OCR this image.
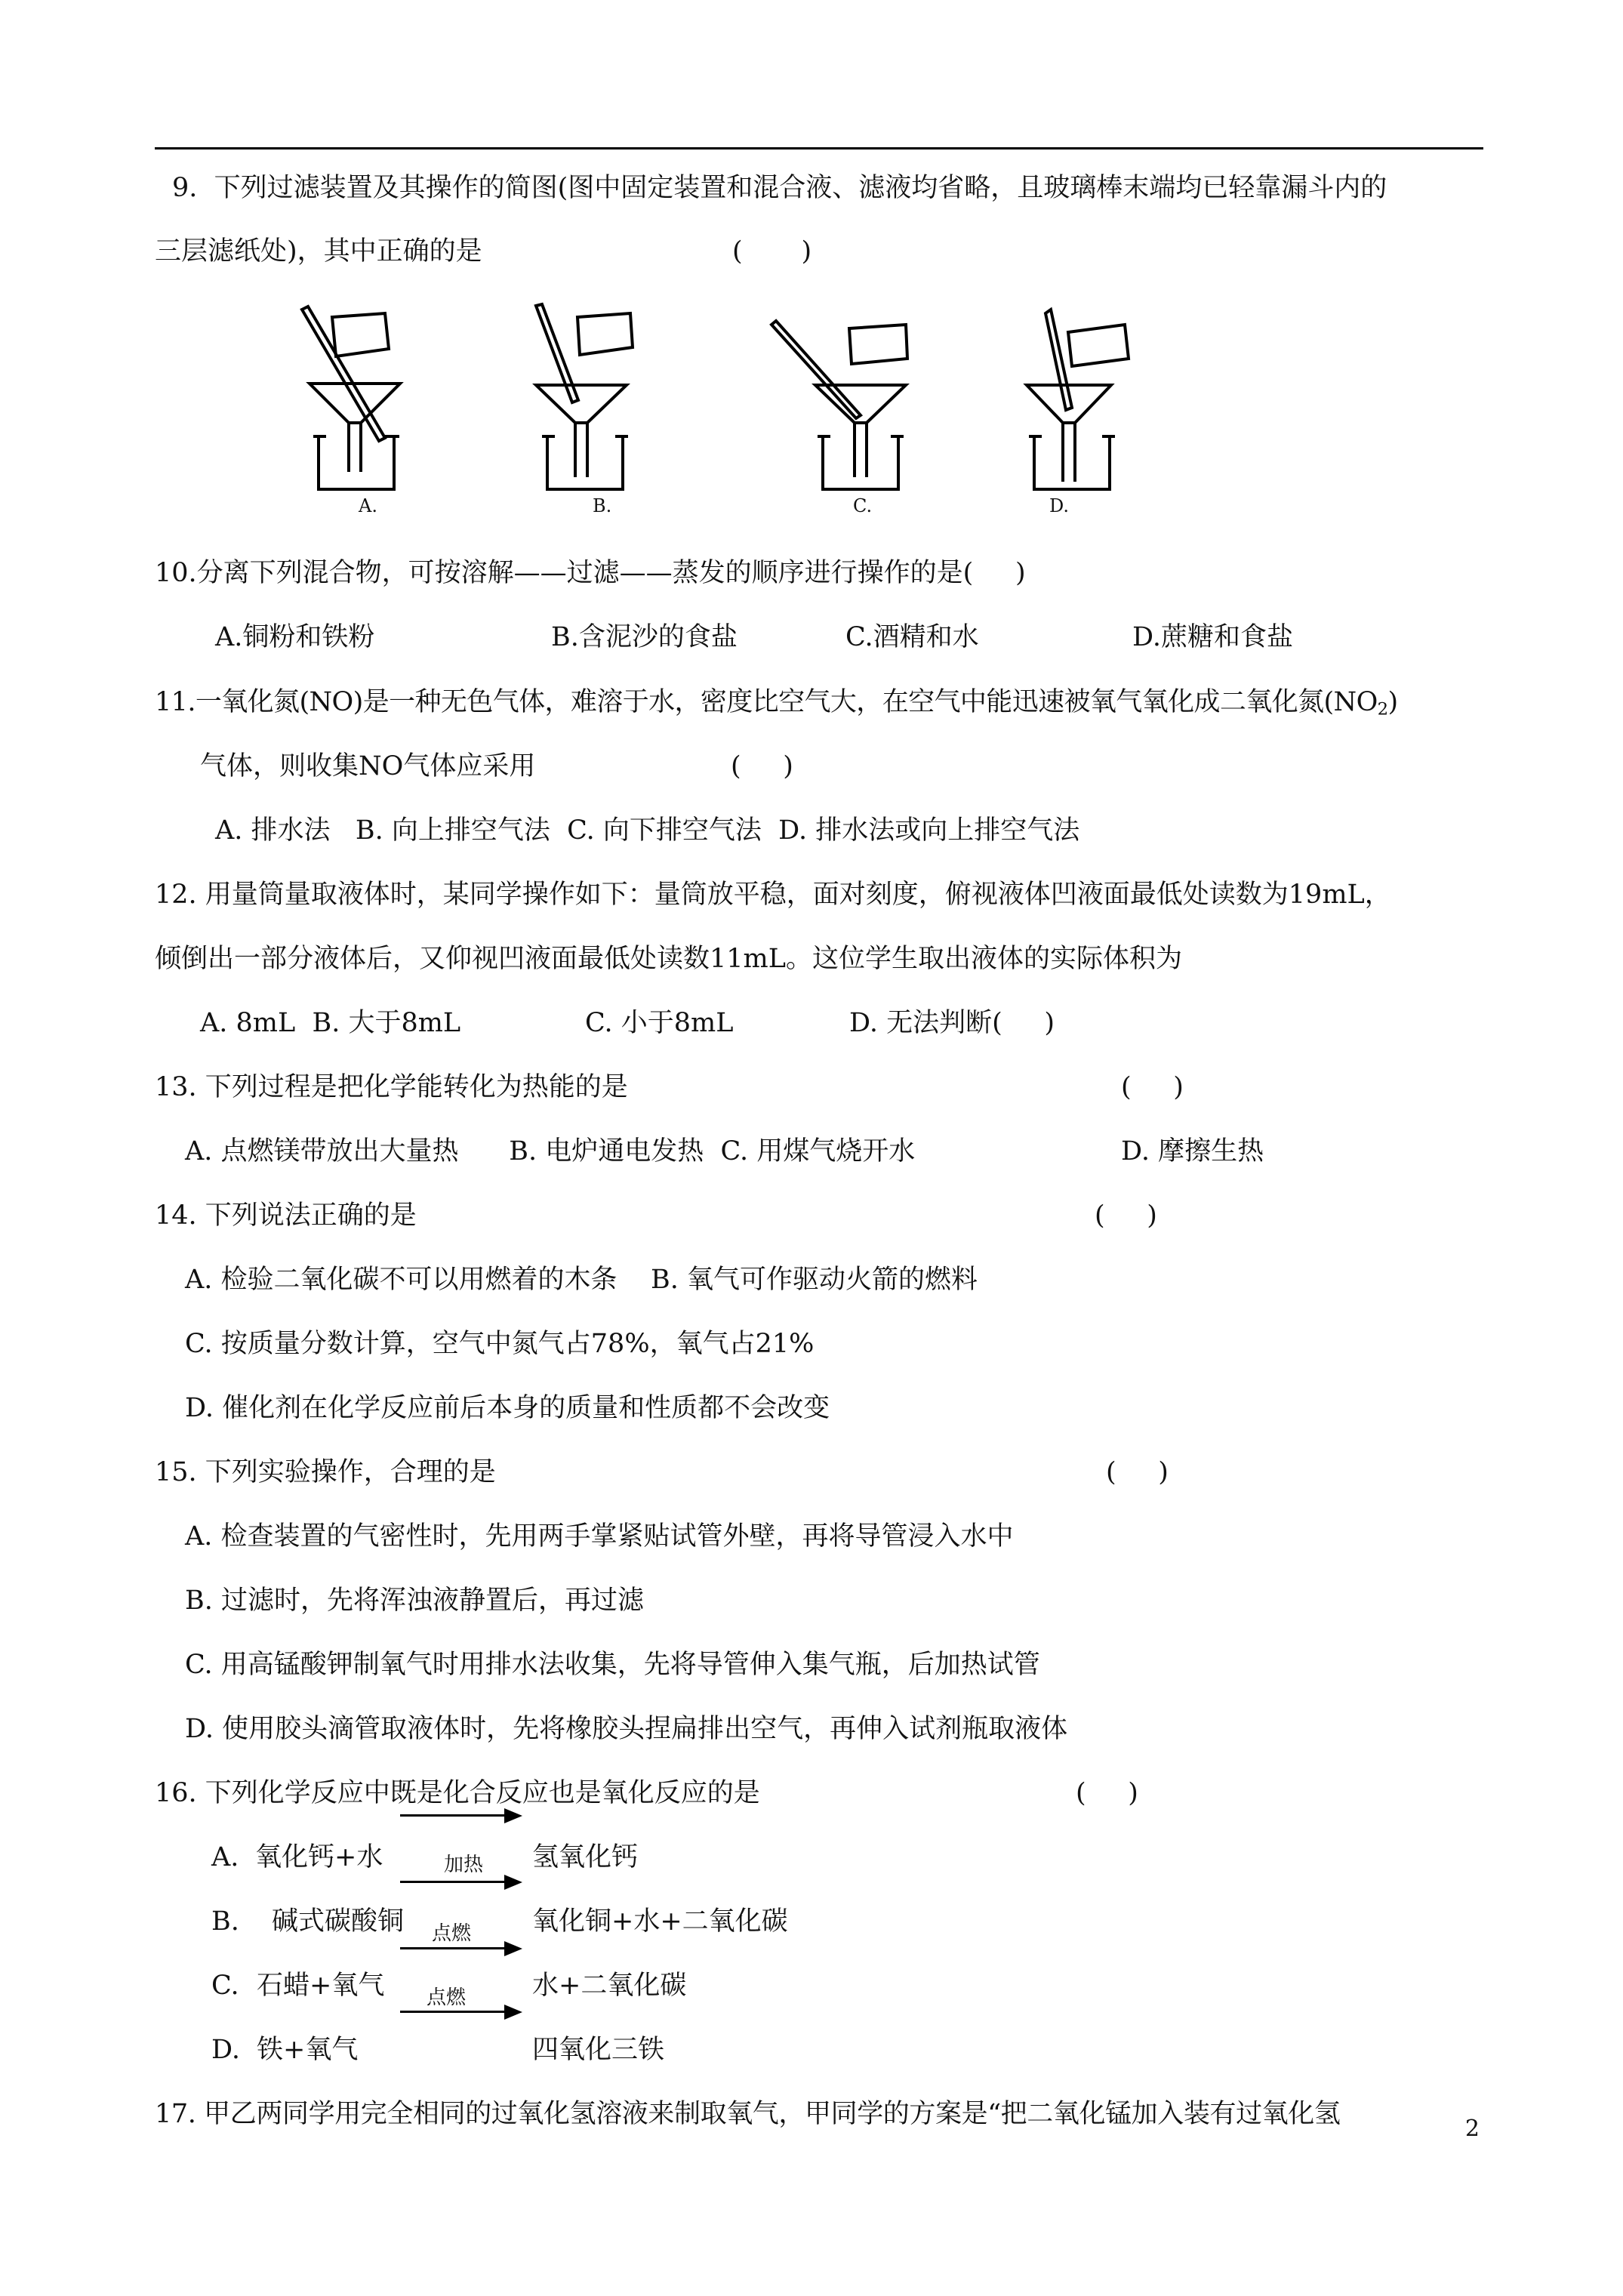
9.  下列过滤装置及其操作的简图(图中固定装置和混合液、滤液均省略，且玻璃棒末端均已轻靠漏斗内的
三层滤纸处)，其中正确的是	(       )
A.	B.	C.	D.
10.分离下列混合物，可按溶解——过滤——蒸发的顺序进行操作的是(     )
A.铜粉和铁粉	B.含泥沙的食盐	C.酒精和水	D.蔗糖和食盐
11.一氧化氮(NO)是一种无色气体，难溶于水，密度比空气大，在空气中能迅速被氧气氧化成二氧化氮$(NO_2)$
气体，则收集NO气体应采用	(     )
A. 排水法   B. 向上排空气法  C. 向下排空气法  D. 排水法或向上排空气法
12. 用量筒量取液体时，某同学操作如下：量筒放平稳，面对刻度，俯视液体凹液面最低处读数为19mL，
倾倒出一部分液体后，又仰视凹液面最低处读数11mL。这位学生取出液体的实际体积为
A. 8mL  B. 大于8mL	C. 小于8mL	D. 无法判断(     )
13. 下列过程是把化学能转化为热能的是	(     )
A. 点燃镁带放出大量热      B. 电炉通电发热  C. 用煤气烧开水	D. 摩擦生热
14. 下列说法正确的是	(     )
A. 检验二氧化碳不可以用燃着的木条    B. 氧气可作驱动火箭的燃料
C. 按质量分数计算，空气中氮气占78%，氧气占21%
D. 催化剂在化学反应前后本身的质量和性质都不会改变
15. 下列实验操作，合理的是	(     )
A. 检查装置的气密性时，先用两手掌紧贴试管外壁，再将导管浸入水中
B. 过滤时，先将浑浊液静置后，再过滤
C. 用高锰酸钾制氧气时用排水法收集，先将导管伸入集气瓶，后加热试管
D. 使用胶头滴管取液体时，先将橡胶头捏扁排出空气，再伸入试剂瓶取液体
16. 下列化学反应中既是化合反应也是氧化反应的是	(     )
加热
点燃
点燃
A. 氧化钙+水	氢氧化钙
B. 碱式碳酸铜	氧化铜+水+二氧化碳
C. 石蜡+氧气	水+二氧化碳
D. 铁+氧气	四氧化三铁
17. 甲乙两同学用完全相同的过氧化氢溶液来制取氧气，甲同学的方案是“把二氧化锰加入装有过氧化氢	2
